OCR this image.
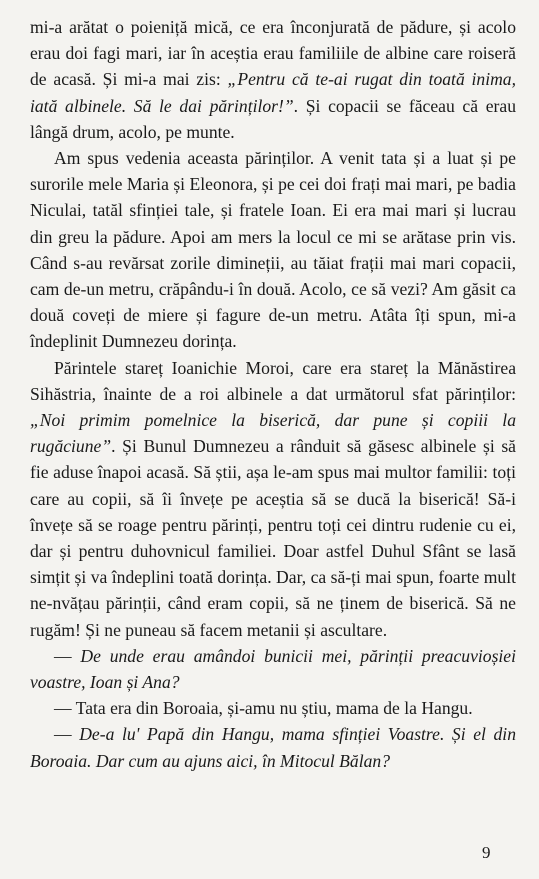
mi-a arătat o poieniță mică, ce era înconjurată de pădure, și acolo erau doi fagi mari, iar în aceștia erau familiile de albine care roiseră de acasă. Și mi-a mai zis: „Pentru că te-ai rugat din toată inima, iată albinele. Să le dai părinților!”. Și copacii se făceau că erau lângă drum, acolo, pe munte.

Am spus vedenia aceasta părinților. A venit tata și a luat și pe surorile mele Maria și Eleonora, și pe cei doi frați mai mari, pe badia Niculai, tatăl sfinției tale, și fratele Ioan. Ei era mai mari și lucrau din greu la pădure. Apoi am mers la locul ce mi se arătase prin vis. Când s-au revărsat zorile dimineții, au tăiat frații mai mari copacii, cam de-un metru, crăpându-i în două. Acolo, ce să vezi? Am găsit ca două coveți de miere și fagure de-un metru. Atâta îți spun, mi-a îndeplinit Dumnezeu dorința.

Părintele stareț Ioanichie Moroi, care era stareț la Mănăstirea Sihăstria, înainte de a roi albinele a dat următorul sfat părinților: „Noi primim pomelnice la biserică, dar pune și copiii la rugăciune”. Și Bunul Dumnezeu a rânduit să găsesc albinele și să fie aduse înapoi acasă. Să știi, așa le-am spus mai multor familii: toți care au copii, să îi învețe pe aceștia să se ducă la biserică! Să-i învețe să se roage pentru părinți, pentru toți cei dintru rudenie cu ei, dar și pentru duhovnicul familiei. Doar astfel Duhul Sfânt se lasă simțit și va îndeplini toată dorința. Dar, ca să-ți mai spun, foarte mult ne-nvățau părinții, când eram copii, să ne ținem de biserică. Să ne rugăm! Și ne puneau să facem metanii și ascultare.

— De unde erau amândoi bunicii mei, părinții preacuvioșiei voastre, Ioan și Ana?

— Tata era din Boroaia, și-amu nu știu, mama de la Hangu.

— De-a lu' Papă din Hangu, mama sfinției Voastre. Și el din Boroaia. Dar cum au ajuns aici, în Mitocul Bălan?

9
